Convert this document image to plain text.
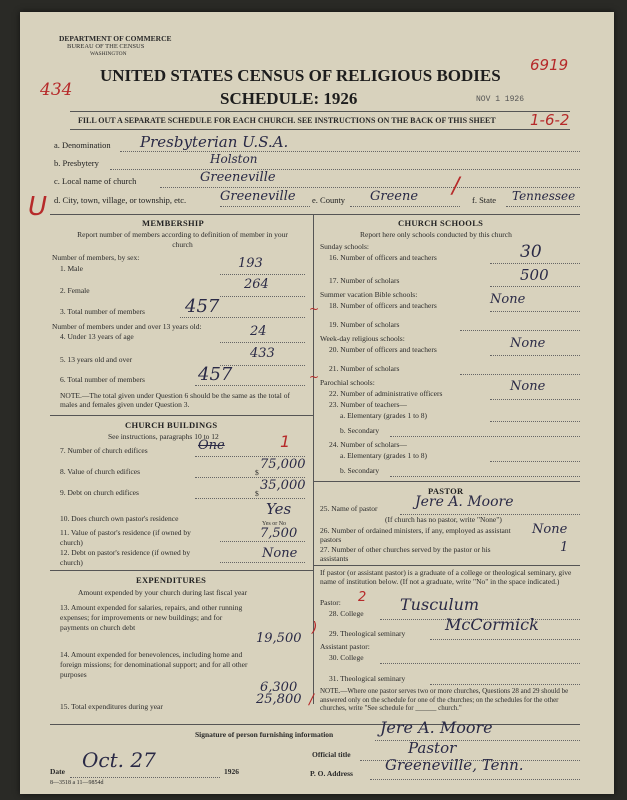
DEPARTMENT OF COMMERCE
BUREAU OF THE CENSUS
WASHINGTON
434
6919
UNITED STATES CENSUS OF RELIGIOUS BODIES
SCHEDULE: 1926	NOV 1 1926
FILL OUT A SEPARATE SCHEDULE FOR EACH CHURCH. SEE INSTRUCTIONS ON THE BACK OF THIS SHEET 1-6-2
U
a. Denomination Presbyterian U.S.A.
b. Presbytery	Holston
c. Local name of church	Greeneville
d. City, town, village, or township, etc.	Greeneville e. County Greene /
f. State Tennessee
MEMBERSHIP
Report number of members according to definition of member in your church
Number of members, by sex:
1. Male	193
2. Female	264
3. Total number of members 457
Number of members under and over 13 years old:
4. Under 13 years of age	24
5. 13 years old and over	433
6. Total number of members	457
NOTE.—The total given under Question 6 should be the same as the total of males and females given under Question 3.
CHURCH BUILDINGS
See instructions, paragraphs 10 to 12
7. Number of church edifices	One	1
8. Value of church edifices	$
75,000
9. Debt on church edifices	$
35,000
10. Does church own pastor's residence
Yes
Yes or No
11. Value of pastor's residence (if owned by church)
7,500
12. Debt on pastor's residence (if owned by church)
None
EXPENDITURES
Amount expended by your church during last fiscal year
13. Amount expended for salaries, repairs, and other running expenses; for improvements or new buildings; and for payments on church debt
19,500
14. Amount expended for benevolences, including home and foreign missions; for denominational support; and for all other purposes
6,300
15. Total expenditures during year	25,800
CHURCH SCHOOLS
Report here only schools conducted by this church
Sunday schools:
16. Number of officers and teachers	30
17. Number of scholars	500
Summer vacation Bible schools:
18. Number of officers and teachers	None
19. Number of scholars
Week-day religious schools:
20. Number of officers and teachers	None
21. Number of scholars
Parochial schools:
22. Number of administrative officers	None
23. Number of teachers—
a. Elementary (grades 1 to 8)
b. Secondary
24. Number of scholars—
a. Elementary (grades 1 to 8)
b. Secondary
PASTOR
25. Name of pastor	Jere A. Moore
(If church has no pastor, write "None")
26. Number of ordained ministers, if any, employed as assistant pastors
None
27. Number of other churches served by the pastor or his assistants
1
If pastor (or assistant pastor) is a graduate of a college or theological seminary, give name of institution below. (If not a graduate, write "No" in the space indicated.)
Pastor: 2
28. College Tusculum
29. Theological seminary McCormick
Assistant pastor:
30. College
31. Theological seminary
NOTE.—Where one pastor serves two or more churches, Questions 28 and 29 should be answered only on the schedule for one of the churches; on the schedules for the other churches, write "See schedule for ______ church."
Signature of person furnishing information	Jere A. Moore
Official title	Pastor
Date Oct. 27	1926	P. O. Address Greeneville, Tenn.
8—3518 a 11—9854d
~
~
)
/
